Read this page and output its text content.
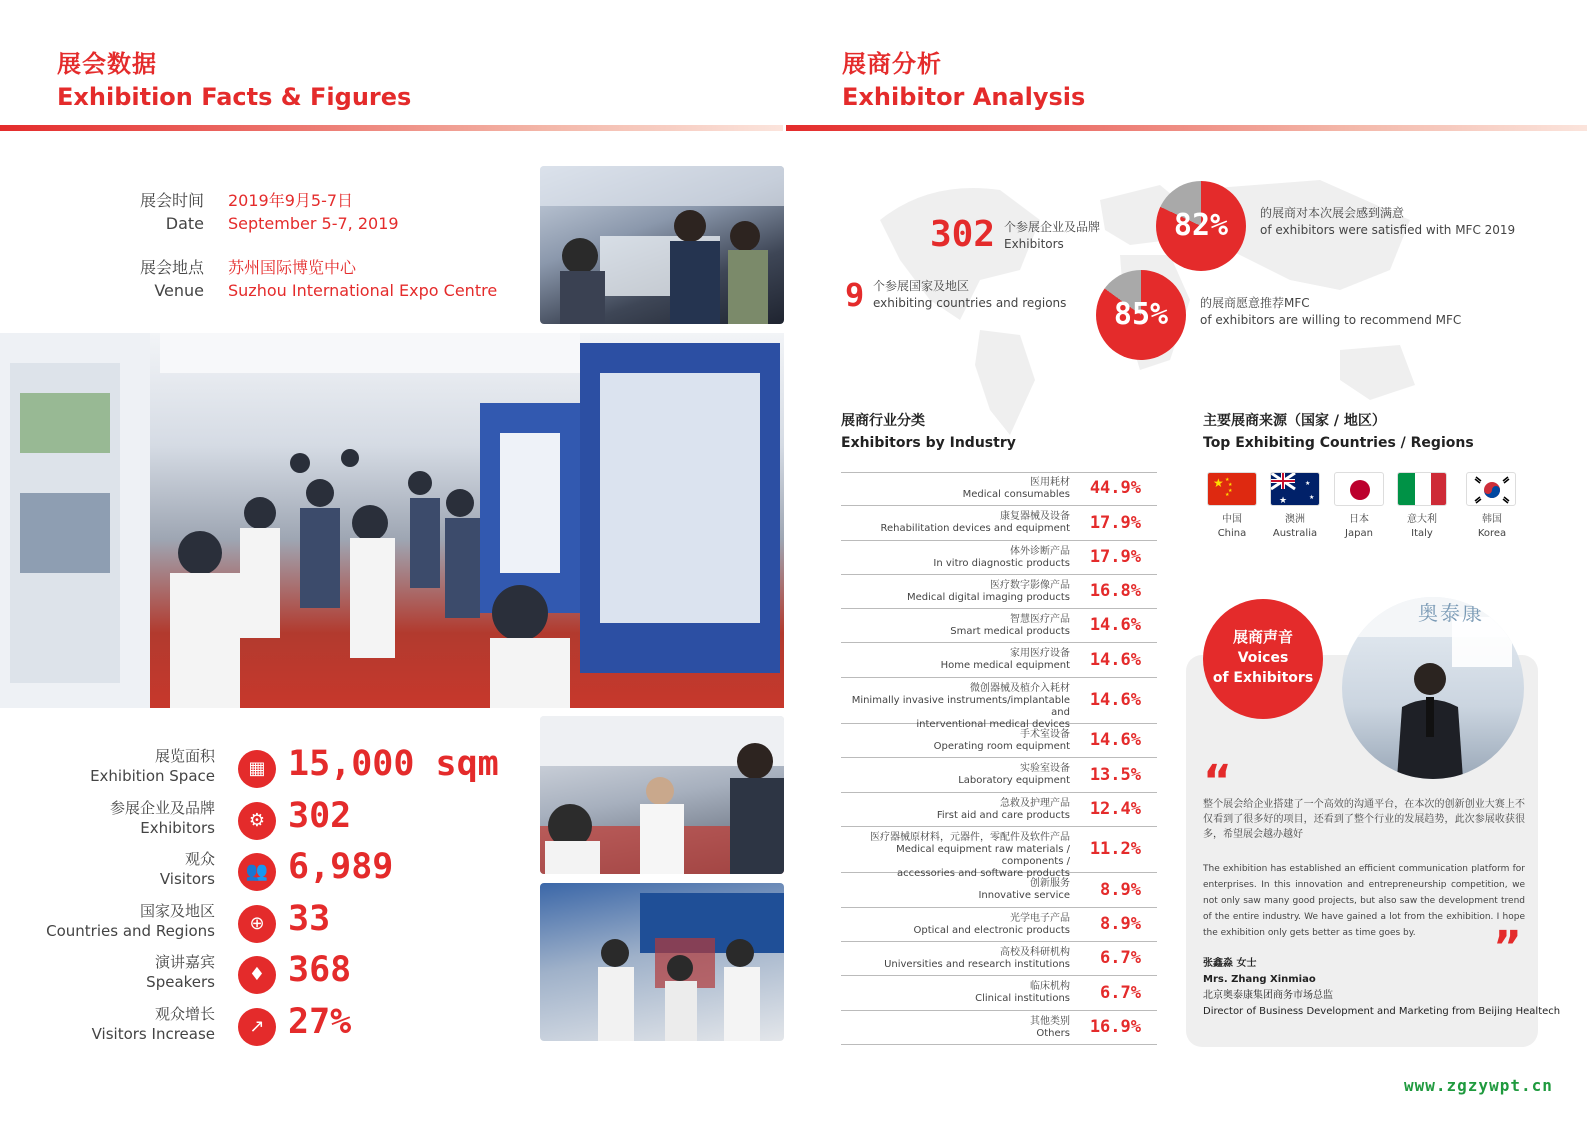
展会数据
Exhibition Facts & Figures
展商分析
Exhibitor Analysis
展会时间
Date
2019年9月5-7日
September 5-7, 2019
展会地点
Venue
苏州国际博览中心
Suzhou International Expo Centre
展览面积
Exhibition Space	▦ 15,000 sqm
参展企业及品牌
Exhibitors	⚙ 302
观众
Visitors	👥 6,989
国家及地区
Countries and Regions	⊕ 33
演讲嘉宾
Speakers	♦ 368
观众增长
Visitors Increase	↗ 27%
302 个参展企业及品牌
Exhibitors
9 个参展国家及地区
exhibiting countries and regions
82%	的展商对本次展会感到满意
of exhibitors were satisfied with MFC 2019
85%	的展商愿意推荐MFC
of exhibitors are willing to recommend MFC
展商行业分类
Exhibitors by Industry
医用耗材
Medical consumables 44.9%
康复器械及设备
Rehabilitation devices and equipment 17.9%
体外诊断产品
In vitro diagnostic products 17.9%
医疗数字影像产品
Medical digital imaging products 16.8%
智慧医疗产品
Smart medical products 14.6%
家用医疗设备
Home medical equipment 14.6%
微创器械及植介入耗材
Minimally invasive instruments/implantable and
interventional medical devices
14.6%
手术室设备
Operating room equipment 14.6%
实验室设备
Laboratory equipment 13.5%
急救及护理产品
First aid and care products 12.4%
医疗器械原材料，元器件，零配件及软件产品
Medical equipment raw materials / components /
accessories and software products
11.2%
创新服务
Innovative service 8.9%
光学电子产品
Optical and electronic products 8.9%
高校及科研机构
Universities and research institutions 6.7%
临床机构
Clinical institutions 6.7%
其他类别
Others 16.9%
主要展商来源（国家 / 地区）
Top Exhibiting Countries / Regions
★ ★
★
★
★
★
★
★
中国
China
澳洲
Australia
日本
Japan
意大利
Italy
韩国
Korea
奥泰康
展商声音
Voices
of Exhibitors
“
整个展会给企业搭建了一个高效的沟通平台，在本次的创新创业大赛上不仅看到了很多好的项目，还看到了整个行业的发展趋势，此次参展收获很多，希望展会越办越好
The exhibition has established an efficient communication platform for enterprises. In this innovation and entrepreneurship competition, we not only saw many good projects, but also saw the development trend of the entire industry. We have gained a lot from the exhibition. I hope the exhibition only gets better as time goes by.	”
张鑫淼 女士
Mrs. Zhang Xinmiao
北京奥泰康集团商务市场总监
Director of Business Development and Marketing from Beijing Healtech
www.zgzywpt.cn
